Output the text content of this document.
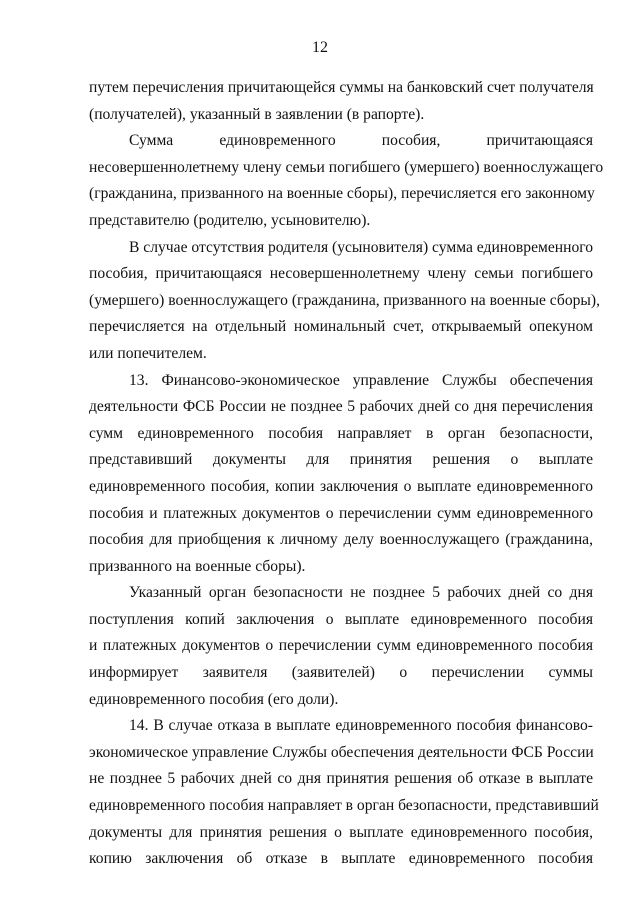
12
путем перечисления причитающейся суммы на банковский счет получателя
(получателей), указанный в заявлении (в рапорте).
Сумма единовременного пособия, причитающаяся
несовершеннолетнему члену семьи погибшего (умершего) военнослужащего
(гражданина, призванного на военные сборы), перечисляется его законному
представителю (родителю, усыновителю).
В случае отсутствия родителя (усыновителя) сумма единовременного
пособия, причитающаяся несовершеннолетнему члену семьи погибшего
(умершего) военнослужащего (гражданина, призванного на военные сборы),
перечисляется на отдельный номинальный счет, открываемый опекуном
или попечителем.
13. Финансово-экономическое управление Службы обеспечения
деятельности ФСБ России не позднее 5 рабочих дней со дня перечисления
сумм единовременного пособия направляет в орган безопасности,
представивший документы для принятия решения о выплате
единовременного пособия, копии заключения о выплате единовременного
пособия и платежных документов о перечислении сумм единовременного
пособия для приобщения к личному делу военнослужащего (гражданина,
призванного на военные сборы).
Указанный орган безопасности не позднее 5 рабочих дней со дня
поступления копий заключения о выплате единовременного пособия
и платежных документов о перечислении сумм единовременного пособия
информирует заявителя (заявителей) о перечислении суммы
единовременного пособия (его доли).
14. В случае отказа в выплате единовременного пособия финансово-
экономическое управление Службы обеспечения деятельности ФСБ России
не позднее 5 рабочих дней со дня принятия решения об отказе в выплате
единовременного пособия направляет в орган безопасности, представивший
документы для принятия решения о выплате единовременного пособия,
копию заключения об отказе в выплате единовременного пособия
